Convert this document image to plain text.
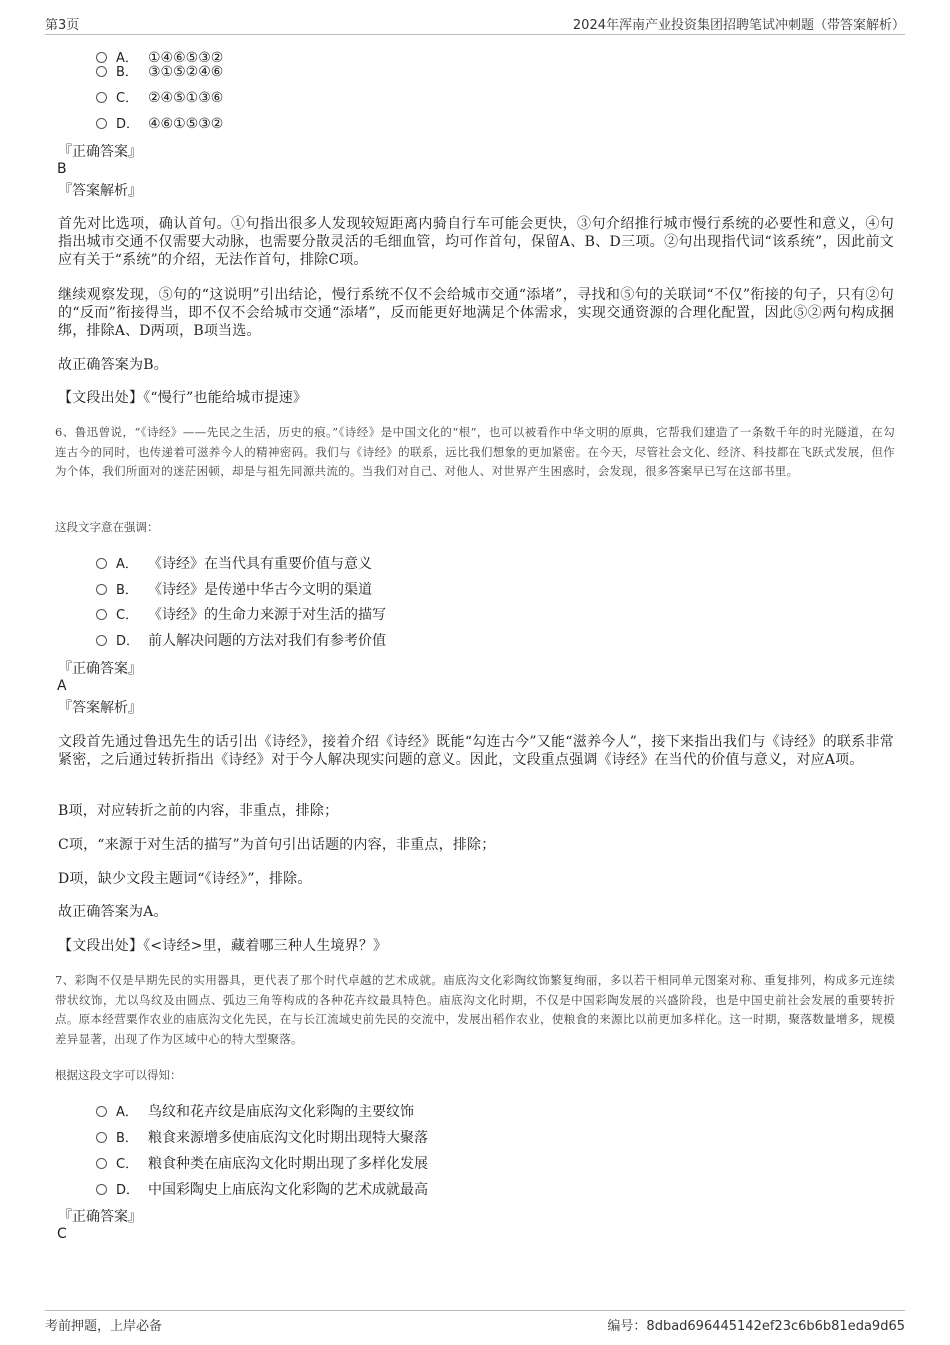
第3页	2024年浑南产业投资集团招聘笔试冲刺题（带答案解析）
A． ①④⑥⑤③②
B． ③①⑤②④⑥
C． ②④⑤①③⑥
D． ④⑥①⑤③②
『正确答案』
B
『答案解析』
首先对比选项，确认首句。①句指出很多人发现较短距离内骑自行车可能会更快，③句介绍推行城市慢行系统的必要性和意义，④句指出城市交通不仅需要大动脉，也需要分散灵活的毛细血管，均可作首句，保留A、B、D三项。②句出现指代词“该系统”，因此前文应有关于“系统”的介绍，无法作首句，排除C项。
继续观察发现，⑤句的“这说明”引出结论，慢行系统不仅不会给城市交通“添堵”，寻找和⑤句的关联词“不仅”衔接的句子，只有②句的“反而”衔接得当，即不仅不会给城市交通“添堵”，反而能更好地满足个体需求，实现交通资源的合理化配置，因此⑤②两句构成捆绑，排除A、D两项，B项当选。
故正确答案为B。
【文段出处】《“慢行”也能给城市提速》
6、鲁迅曾说，“《诗经》——先民之生活，历史的痕。”《诗经》是中国文化的“根”，也可以被看作中华文明的原典，它帮我们建造了一条数千年的时光隧道，在勾连古今的同时，也传递着可滋养今人的精神密码。我们与《诗经》的联系，远比我们想象的更加紧密。在今天，尽管社会文化、经济、科技都在飞跃式发展，但作为个体，我们所面对的迷茫困顿，却是与祖先同源共流的。当我们对自己、对他人、对世界产生困惑时，会发现，很多答案早已写在这部书里。
这段文字意在强调：
A． 《诗经》在当代具有重要价值与意义
B． 《诗经》是传递中华古今文明的渠道
C． 《诗经》的生命力来源于对生活的描写
D． 前人解决问题的方法对我们有参考价值
『正确答案』
A
『答案解析』
文段首先通过鲁迅先生的话引出《诗经》，接着介绍《诗经》既能“勾连古今”又能“滋养今人”，接下来指出我们与《诗经》的联系非常紧密，之后通过转折指出《诗经》对于今人解决现实问题的意义。因此，文段重点强调《诗经》在当代的价值与意义，对应A项。
B项，对应转折之前的内容，非重点，排除；
C项，“来源于对生活的描写”为首句引出话题的内容，非重点，排除；
D项，缺少文段主题词“《诗经》”，排除。
故正确答案为A。
【文段出处】《<诗经>里，藏着哪三种人生境界？》
7、彩陶不仅是早期先民的实用器具，更代表了那个时代卓越的艺术成就。庙底沟文化彩陶纹饰繁复绚丽，多以若干相同单元图案对称、重复排列，构成多元连续带状纹饰，尤以鸟纹及由圆点、弧边三角等构成的各种花卉纹最具特色。庙底沟文化时期，不仅是中国彩陶发展的兴盛阶段，也是中国史前社会发展的重要转折点。原本经营粟作农业的庙底沟文化先民，在与长江流域史前先民的交流中，发展出稻作农业，使粮食的来源比以前更加多样化。这一时期，聚落数量增多，规模差异显著，出现了作为区域中心的特大型聚落。
根据这段文字可以得知：
A． 鸟纹和花卉纹是庙底沟文化彩陶的主要纹饰
B． 粮食来源增多使庙底沟文化时期出现特大聚落
C． 粮食种类在庙底沟文化时期出现了多样化发展
D． 中国彩陶史上庙底沟文化彩陶的艺术成就最高
『正确答案』
C
考前押题，上岸必备	编号：8dbad696445142ef23c6b6b81eda9d65
